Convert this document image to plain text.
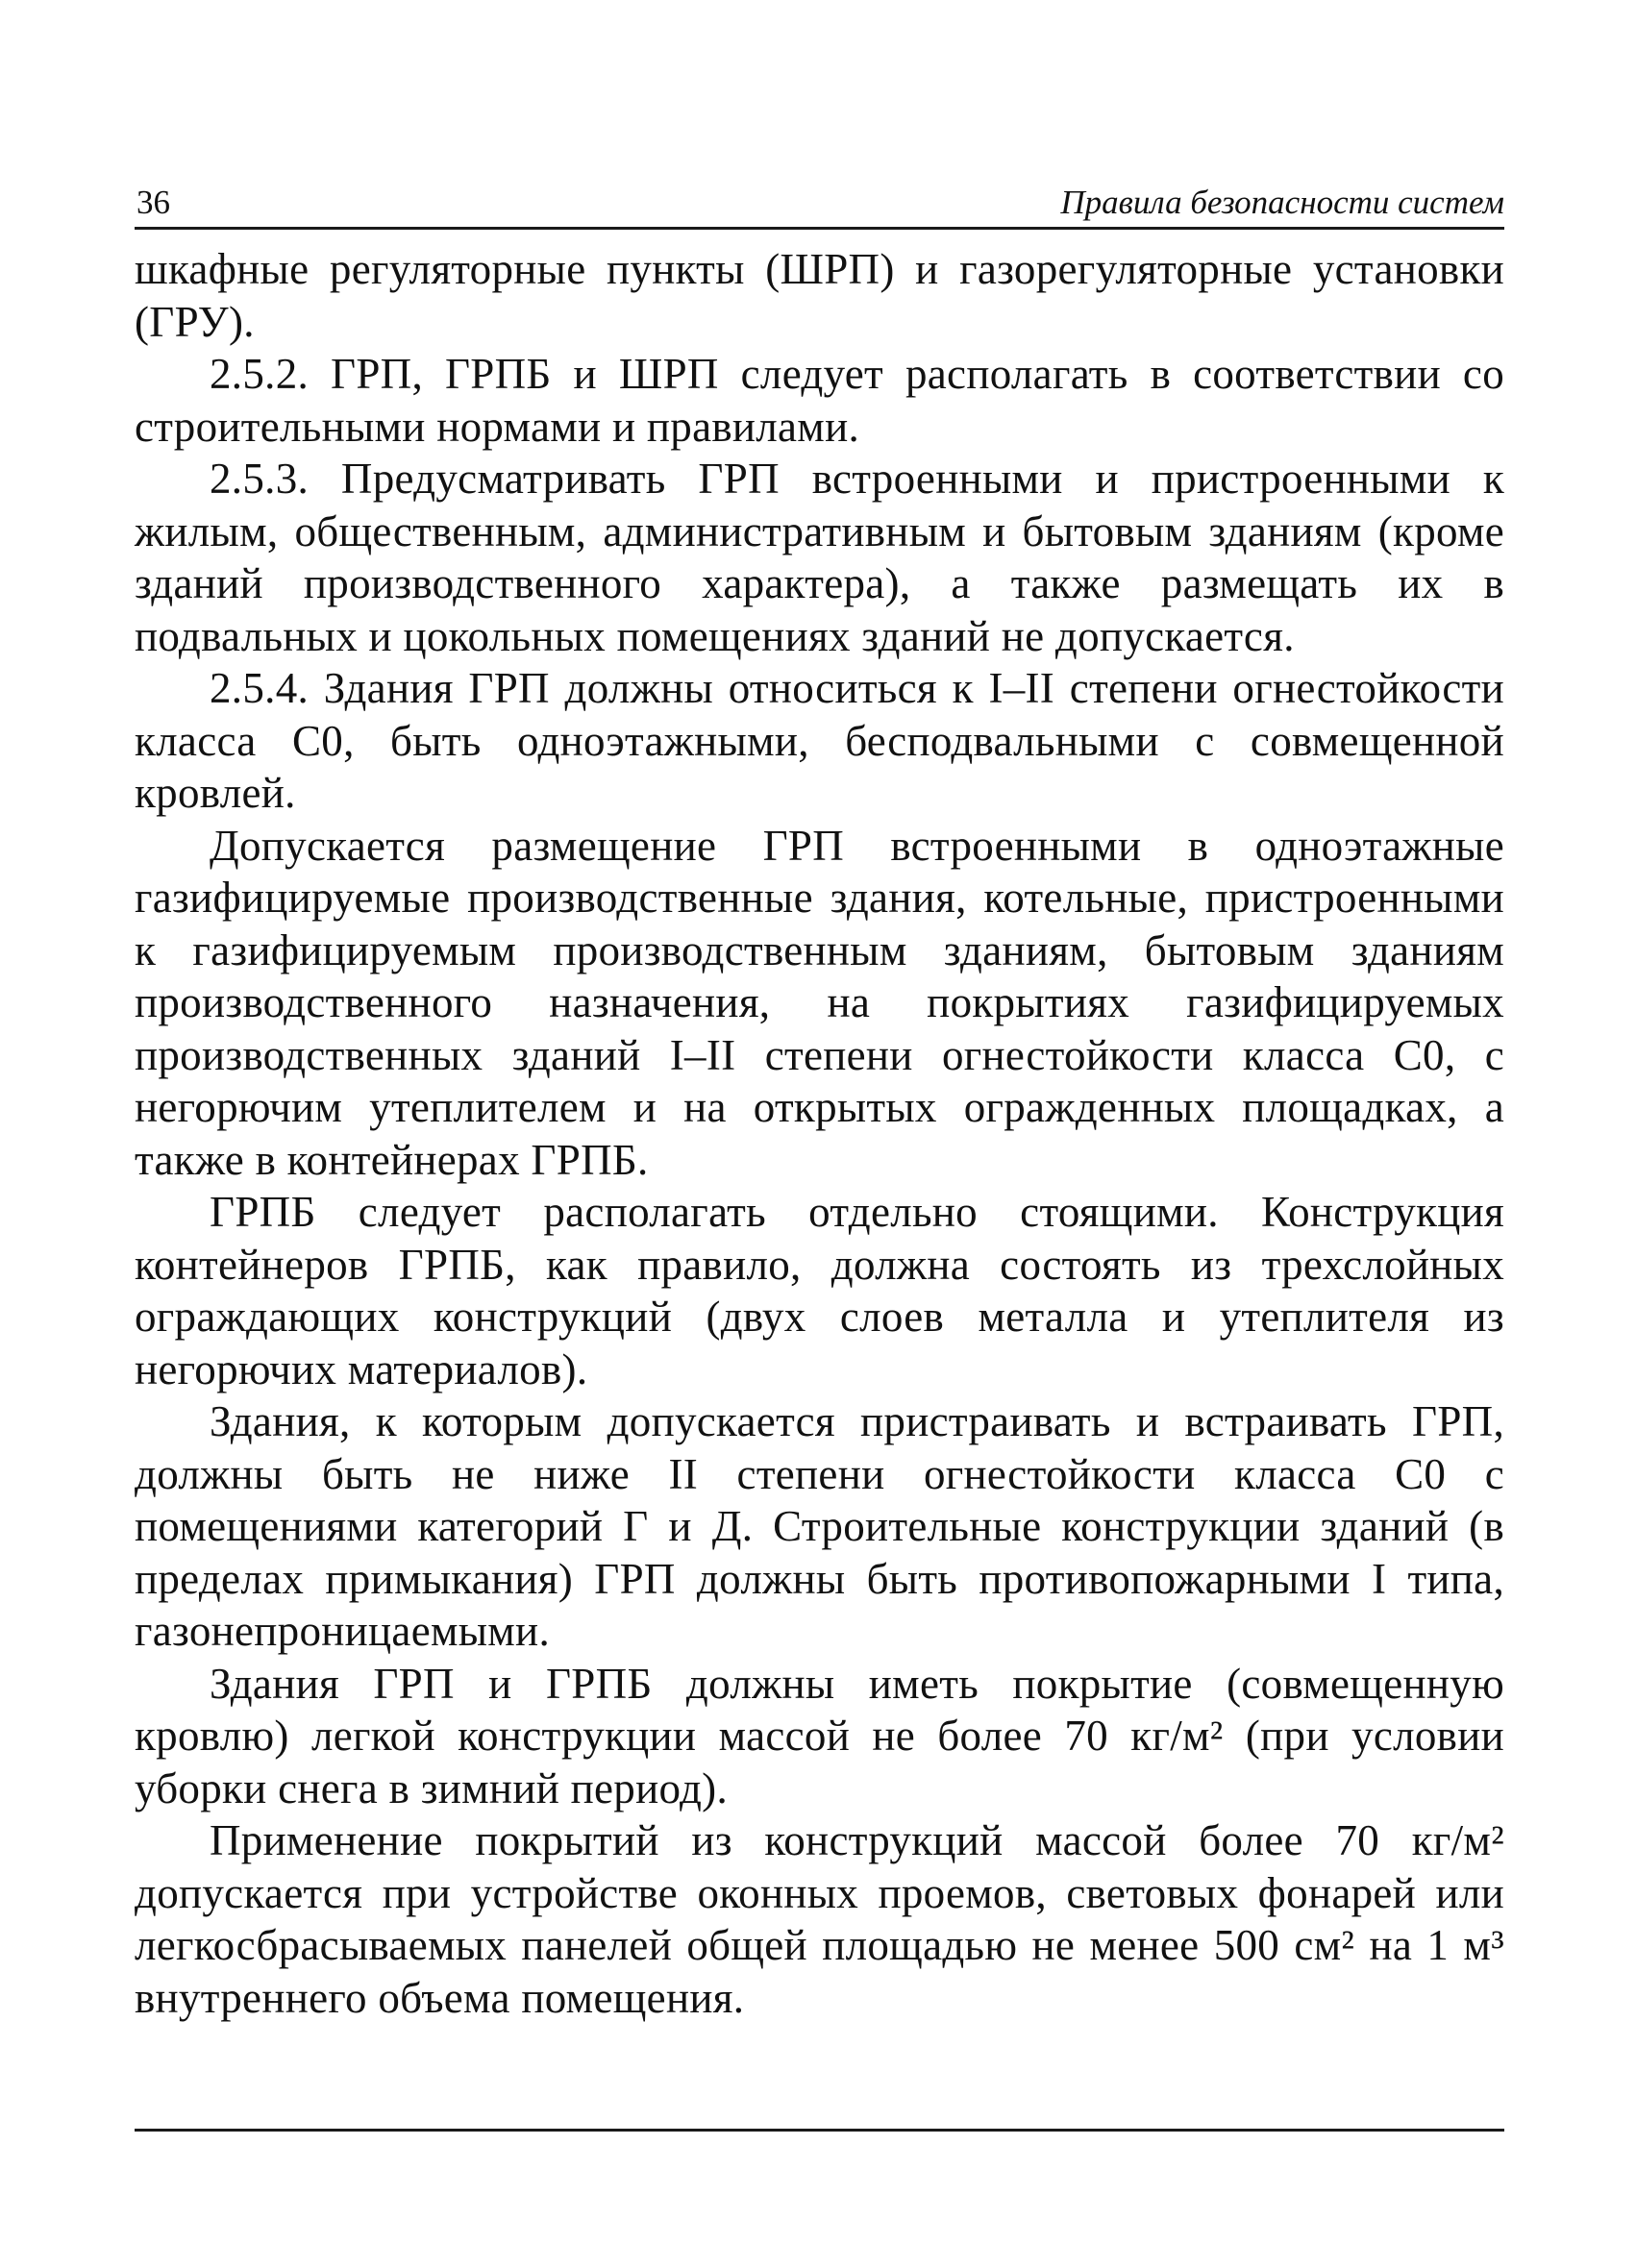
36	Правила безопасности систем

шкафные регуляторные пункты (ШРП) и газорегуляторные установки (ГРУ).

2.5.2. ГРП, ГРПБ и ШРП следует располагать в соответствии со строительными нормами и правилами.

2.5.3. Предусматривать ГРП встроенными и пристроенными к жилым, общественным, административным и бытовым зданиям (кроме зданий производственного характера), а также размещать их в подвальных и цокольных помещениях зданий не допускается.

2.5.4. Здания ГРП должны относиться к I–II степени огнестойкости класса С0, быть одноэтажными, бесподвальными с совмещенной кровлей.

Допускается размещение ГРП встроенными в одноэтажные газифицируемые производственные здания, котельные, пристроенными к газифицируемым производственным зданиям, бытовым зданиям производственного назначения, на покрытиях газифицируемых производственных зданий I–II степени огнестойкости класса С0, с негорючим утеплителем и на открытых огражденных площадках, а также в контейнерах ГРПБ.

ГРПБ следует располагать отдельно стоящими. Конструкция контейнеров ГРПБ, как правило, должна состоять из трехслойных ограждающих конструкций (двух слоев металла и утеплителя из негорючих материалов).

Здания, к которым допускается пристраивать и встраивать ГРП, должны быть не ниже II степени огнестойкости класса С0 с помещениями категорий Г и Д. Строительные конструкции зданий (в пределах примыкания) ГРП должны быть противопожарными I типа, газонепроницаемыми.

Здания ГРП и ГРПБ должны иметь покрытие (совмещенную кровлю) легкой конструкции массой не более 70 кг/м² (при условии уборки снега в зимний период).

Применение покрытий из конструкций массой более 70 кг/м² допускается при устройстве оконных проемов, световых фонарей или легкосбрасываемых панелей общей площадью не менее 500 см² на 1 м³ внутреннего объема помещения.
